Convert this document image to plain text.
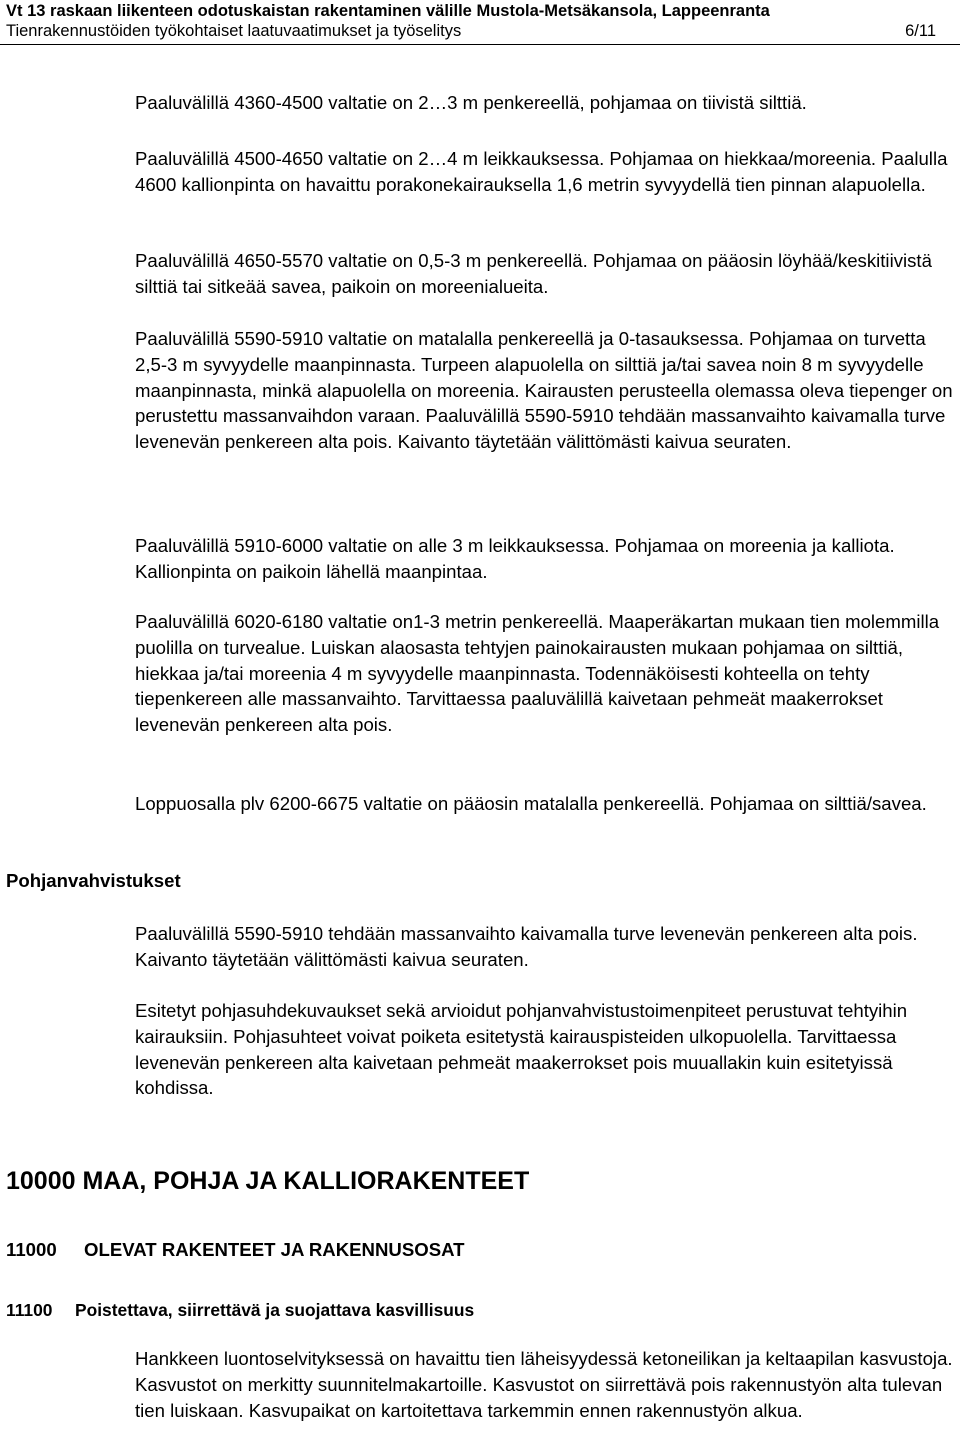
Vt 13 raskaan liikenteen odotuskaistan rakentaminen välille Mustola-Metsäkansola, Lappeenranta
Tienrakennustöiden työkohtaiset laatuvaatimukset ja työselitys	6/11

Paaluvälillä 4360-4500 valtatie on 2…3 m penkereellä, pohjamaa on tiivistä silttiä.

Paaluvälillä 4500-4650 valtatie on 2…4 m leikkauksessa. Pohjamaa on hiekkaa/moreenia. Paalulla 4600 kallionpinta on havaittu porakonekairauksella 1,6 metrin syvyydellä tien pinnan alapuolella.

Paaluvälillä 4650-5570 valtatie on 0,5-3 m penkereellä. Pohjamaa on pääosin löyhää/keskitiivistä silttiä tai sitkeää savea, paikoin on moreenialueita.

Paaluvälillä 5590-5910 valtatie on matalalla penkereellä ja 0-tasauksessa. Pohjamaa on turvetta 2,5-3 m syvyydelle maanpinnasta. Turpeen alapuolella on silttiä ja/tai savea noin 8 m syvyydelle maanpinnasta, minkä alapuolella on moreenia. Kairausten perusteella olemassa oleva tiepenger on perustettu massanvaihdon varaan. Paaluvälillä 5590-5910 tehdään massanvaihto kaivamalla turve levenevän penkereen alta pois. Kaivanto täytetään välittömästi kaivua seuraten.

Paaluvälillä 5910-6000 valtatie on alle 3 m leikkauksessa. Pohjamaa on moreenia ja kalliota. Kallionpinta on paikoin lähellä maanpintaa.

Paaluvälillä 6020-6180 valtatie on1-3 metrin penkereellä. Maaperäkartan mukaan tien molemmilla puolilla on turvealue. Luiskan alaosasta tehtyjen painokairausten mukaan pohjamaa on silttiä, hiekkaa ja/tai moreenia 4 m syvyydelle maanpinnasta. Todennäköisesti kohteella on tehty tiepenkereen alle massanvaihto. Tarvittaessa paaluvälillä kaivetaan pehmeät maakerrokset levenevän penkereen alta pois.

Loppuosalla plv 6200-6675 valtatie on pääosin matalalla penkereellä. Pohjamaa on silttiä/savea.

Pohjanvahvistukset

Paaluvälillä 5590-5910 tehdään massanvaihto kaivamalla turve levenevän penkereen alta pois. Kaivanto täytetään välittömästi kaivua seuraten.

Esitetyt pohjasuhdekuvaukset sekä arvioidut pohjanvahvistustoimenpiteet perustuvat tehtyihin kairauksiin. Pohjasuhteet voivat poiketa esitetystä kairauspisteiden ulkopuolella. Tarvittaessa levenevän penkereen alta kaivetaan pehmeät maakerrokset pois muuallakin kuin esitetyissä kohdissa.

10000 MAA, POHJA JA KALLIORAKENTEET
11000 OLEVAT RAKENTEET JA RAKENNUSOSAT
11100 Poistettava, siirrettävä ja suojattava kasvillisuus

Hankkeen luontoselvityksessä on havaittu tien läheisyydessä ketoneilikan ja keltaapilan kasvustoja. Kasvustot on merkitty suunnitelmakartoille. Kasvustot on siirrettävä pois rakennustyön alta tulevan tien luiskaan. Kasvupaikat on kartoitettava tarkemmin ennen rakennustyön alkua.
